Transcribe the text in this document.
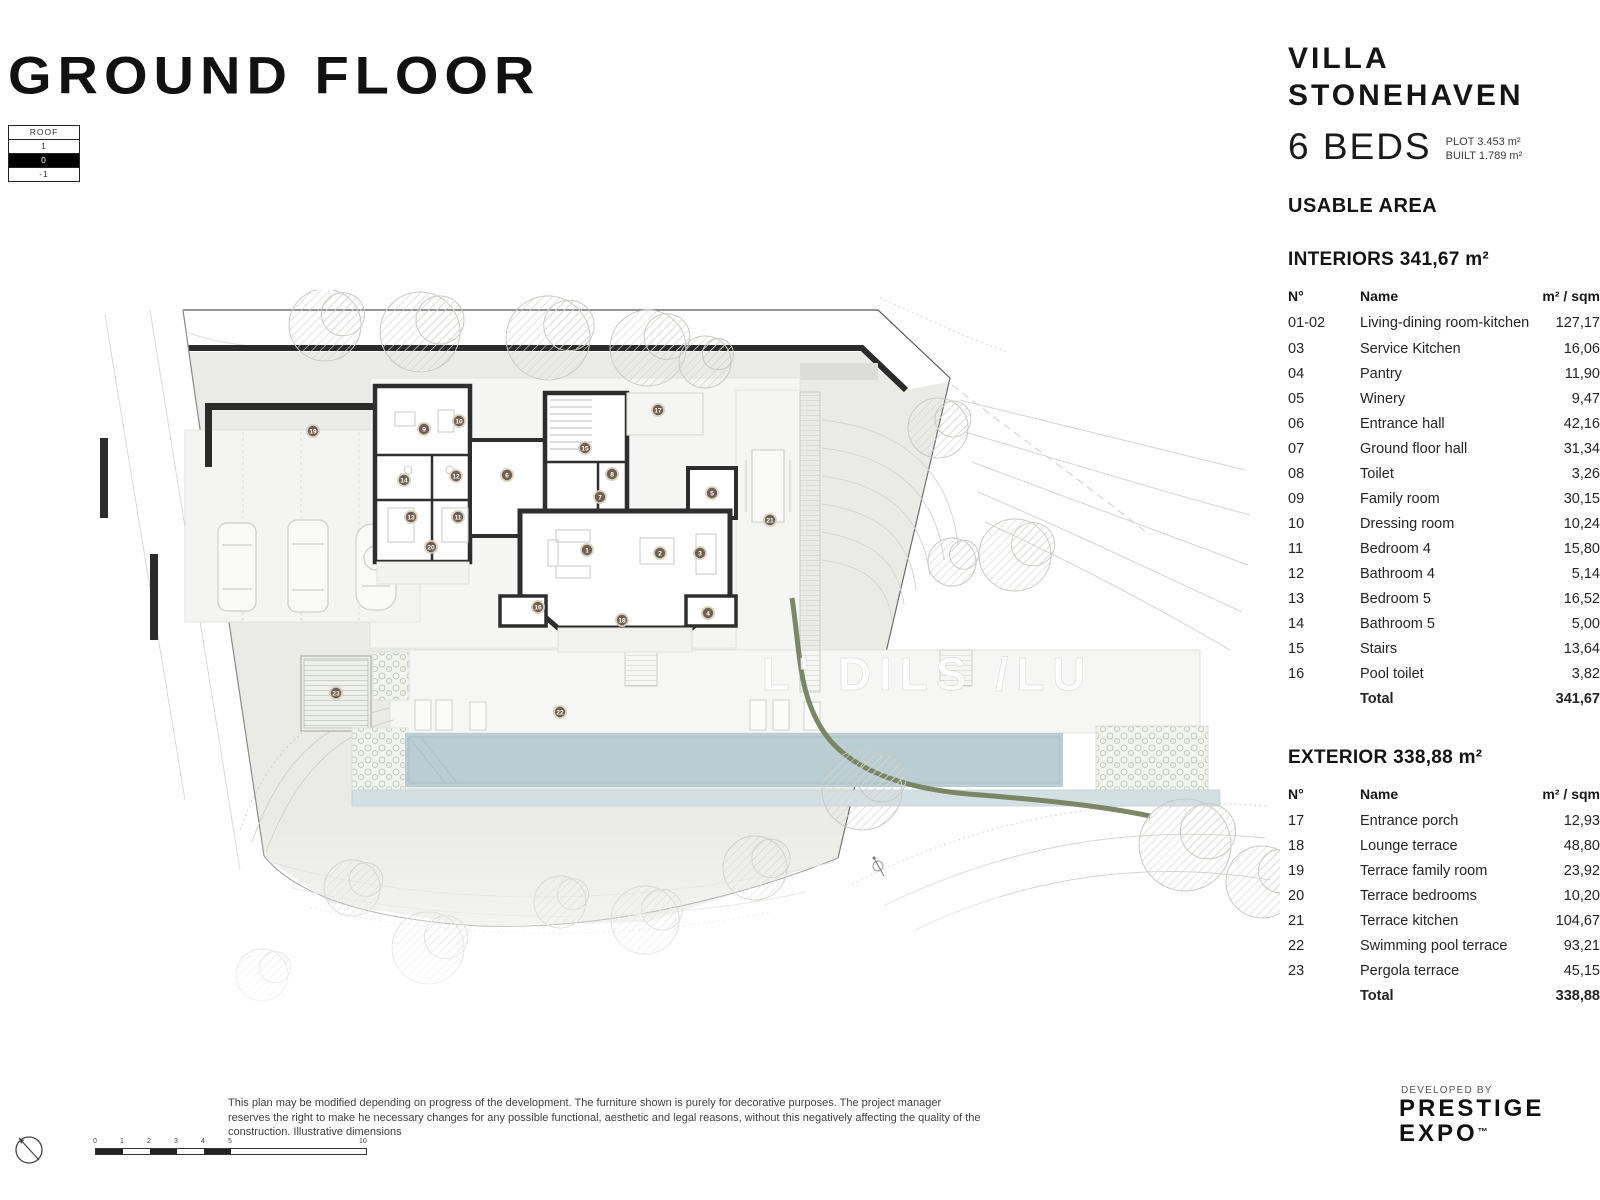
GROUND FLOOR
ROOF
1
0
-1
1	2	3
4
5
6
7
8
9
10
11
12
13
14
15
16
17
18
19
20
21
22
23	L' DILS /LU
VILLA
STONEHAVEN
6 BEDS PLOT 3.453 m²
BUILT 1.789 m²
USABLE AREA
INTERIORS 341,67 m²
N°	Name	m² / sqm
01-02	Living-dining room-kitchen	127,17
03	Service Kitchen	16,06
04	Pantry	11,90
05	Winery	9,47
06	Entrance hall	42,16
07	Ground floor hall	31,34
08	Toilet	3,26
09	Family room	30,15
10	Dressing room	10,24
11	Bedroom 4	15,80
12	Bathroom 4	5,14
13	Bedroom 5	16,52
14	Bathroom 5	5,00
15	Stairs	13,64
16	Pool toilet	3,82
	Total	341,67
EXTERIOR 338,88 m²
N°	Name	m² / sqm
17	Entrance porch	12,93
18	Lounge terrace	48,80
19	Terrace family room	23,92
20	Terrace bedrooms	10,20
21	Terrace kitchen	104,67
22	Swimming pool terrace	93,21
23	Pergola terrace	45,15
	Total	338,88
0	1	2	3	4	5	10
This plan may be modified depending on progress of the development. The furniture shown is purely for decorative purposes. The project manager reserves the right to make he necessary changes for any possible functional, aesthetic and legal reasons, without this negatively affecting the quality of the construction. Illustrative dimensions
DEVELOPED BY
PRESTIGE
EXPO™
